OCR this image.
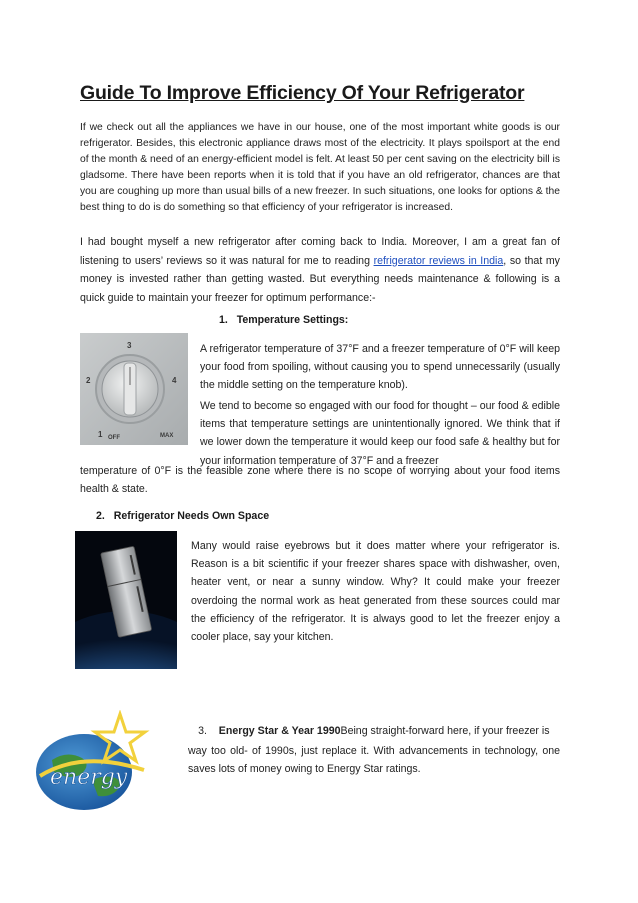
Guide To Improve Efficiency Of Your Refrigerator

If we check out all the appliances we have in our house, one of the most important white goods is our refrigerator. Besides, this electronic appliance draws most of the electricity. It plays spoilsport at the end of the month & need of an energy-efficient model is felt. At least 50 per cent saving on the electricity bill is gladsome. There have been reports when it is told that if you have an old refrigerator, chances are that you are coughing up more than usual bills of a new freezer. In such situations, one looks for options & the best thing to do is do something so that efficiency of your refrigerator is increased.

I had bought myself a new refrigerator after coming back to India. Moreover, I am a great fan of listening to users’ reviews so it was natural for me to reading refrigerator reviews in India, so that my money is invested rather than getting wasted. But everything needs maintenance & following is a quick guide to maintain your freezer for optimum performance:-

1. Temperature Settings:
3
2	4
1 OFF	MAX

A refrigerator temperature of 37°F and a freezer temperature of 0°F will keep your food from spoiling, without causing you to spend unnecessarily (usually the middle setting on the temperature knob).

We tend to become so engaged with our food for thought – our food & edible items that temperature settings are unintentionally ignored. We think that if we lower down the temperature it would keep our food safe & healthy but for your information temperature of 37°F and a freezer

temperature of 0°F is the feasible zone where there is no scope of worrying about your food items health & state.

2. Refrigerator Needs Own Space

Many would raise eyebrows but it does matter where your refrigerator is. Reason is a bit scientific if your freezer shares space with dishwasher, oven, heater vent, or near a sunny window. Why? It could make your freezer overdoing the normal work as heat generated from these sources could mar the efficiency of the refrigerator. It is always good to let the freezer enjoy a cooler place, say your kitchen.

energy
3. Energy Star & Year 1990Being straight-forward here, if your freezer is

way too old- of 1990s, just replace it. With advancements in technology, one saves lots of money owing to Energy Star ratings.
